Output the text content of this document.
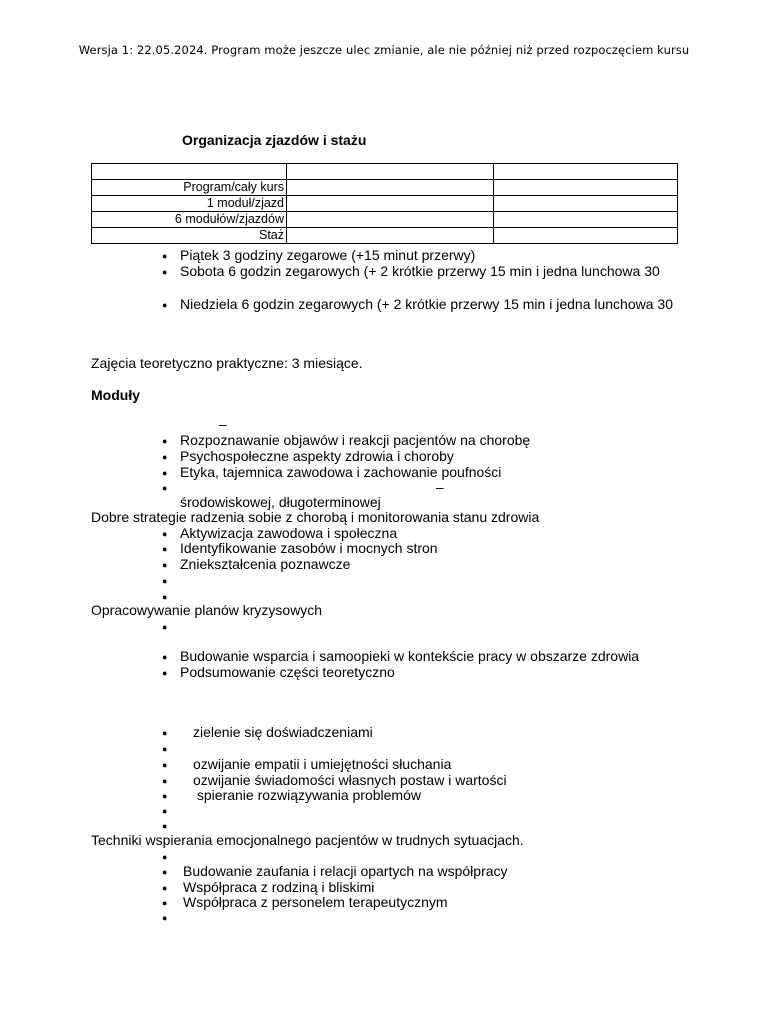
Wersja 1: 22.05.2024. Program może jeszcze ulec zmianie, ale nie później niż przed rozpoczęciem kursu
Organizacja zjazdów i stażu

Program/cały kurs		
1 moduł/zjazd		
6 modułów/zjazdów		
Staż		
● Piątek 3 godziny zegarowe (+15 minut przerwy)
● Sobota 6 godzin zegarowych (+ 2 krótkie przerwy 15 min i jedna lunchowa 30
● Niedziela 6 godzin zegarowych (+ 2 krótkie przerwy 15 min i jedna lunchowa 30
Zajęcia teoretyczno praktyczne: 3 miesiące.
Moduły
–
● Rozpoznawanie objawów i reakcji pacjentów na chorobę
● Psychospołeczne aspekty zdrowia i choroby
● Etyka, tajemnica zawodowa i zachowanie poufności
●	–
środowiskowej, długoterminowej
Dobre strategie radzenia sobie z chorobą i monitorowania stanu zdrowia
● Aktywizacja zawodowa i społeczna
● Identyfikowanie zasobów i mocnych stron
● Zniekształcenia poznawcze
●
●
Opracowywanie planów kryzysowych
●
● Budowanie wsparcia i samoopieki w kontekście pracy w obszarze zdrowia
● Podsumowanie części teoretyczno
● zielenie się doświadczeniami
●
● ozwijanie empatii i umiejętności słuchania
● ozwijanie świadomości własnych postaw i wartości
● spieranie rozwiązywania problemów
●
●
Techniki wspierania emocjonalnego pacjentów w trudnych sytuacjach.
●
● Budowanie zaufania i relacji opartych na współpracy
● Współpraca z rodziną i bliskimi
● Współpraca z personelem terapeutycznym
●
